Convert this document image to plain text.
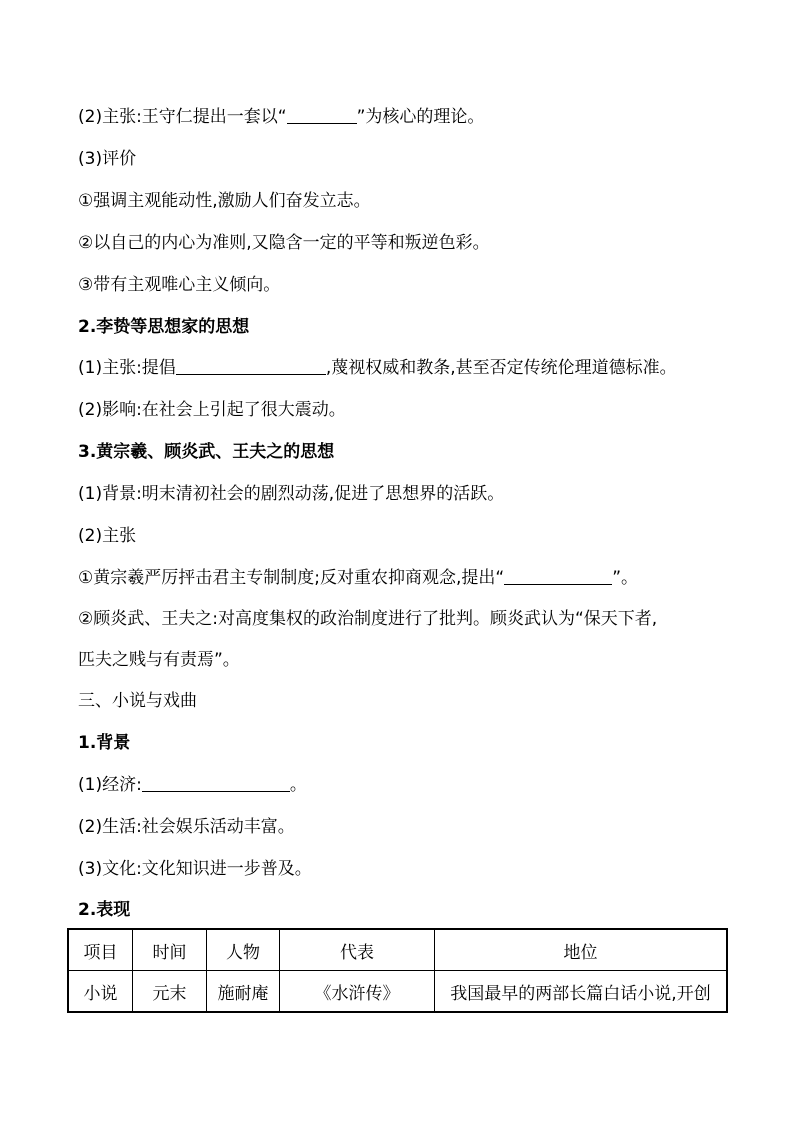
(2)主张:王守仁提出一套以“	”为核心的理论。
(3)评价
①强调主观能动性,激励人们奋发立志。
②以自己的内心为准则,又隐含一定的平等和叛逆色彩。
③带有主观唯心主义倾向。
2.李贽等思想家的思想
(1)主张:提倡	,蔑视权威和教条,甚至否定传统伦理道德标准。
(2)影响:在社会上引起了很大震动。
3.黄宗羲、顾炎武、王夫之的思想
(1)背景:明末清初社会的剧烈动荡,促进了思想界的活跃。
(2)主张
①黄宗羲严厉抨击君主专制制度;反对重农抑商观念,提出“	”。
②顾炎武、王夫之:对高度集权的政治制度进行了批判。顾炎武认为“保天下者,
匹夫之贱与有责焉”。
三、小说与戏曲
1.背景
(1)经济:	。
(2)生活:社会娱乐活动丰富。
(3)文化:文化知识进一步普及。
2.表现
项目	时间	人物	代表	地位
小说	元末	施耐庵	《水浒传》	我国最早的两部长篇白话小说,开创
